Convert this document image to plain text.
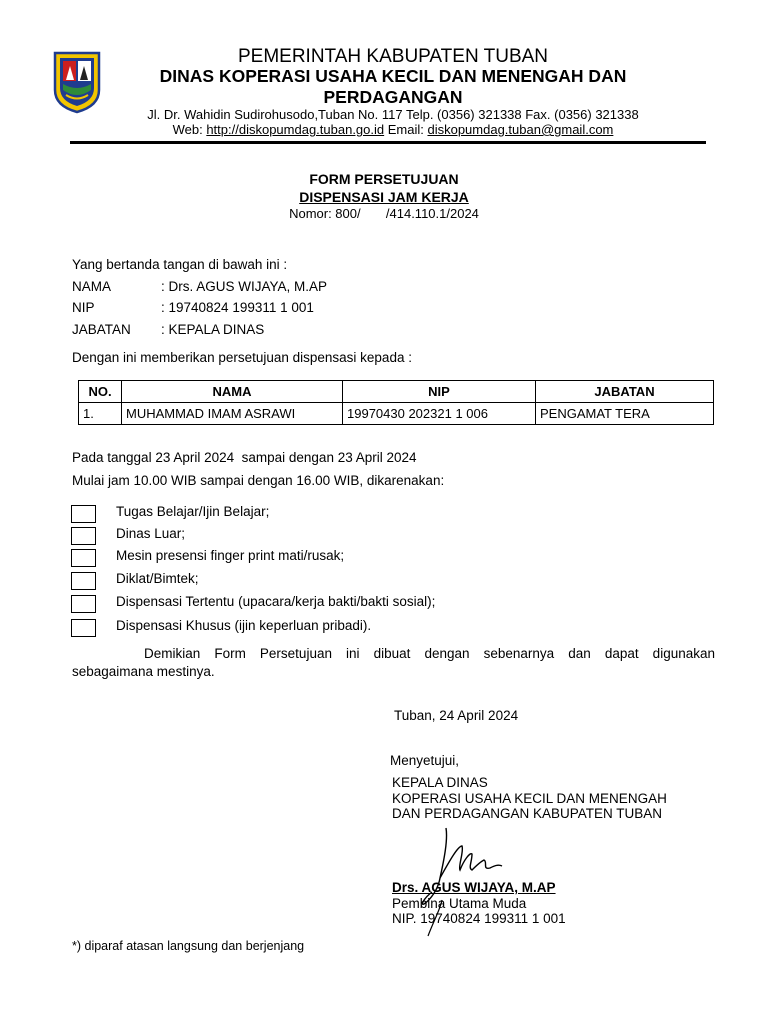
PEMERINTAH KABUPATEN TUBAN
DINAS KOPERASI USAHA KECIL DAN MENENGAH DAN
PERDAGANGAN
Jl. Dr. Wahidin Sudirohusodo,Tuban No. 117 Telp. (0356) 321338 Fax. (0356) 321338
Web: http://diskopumdag.tuban.go.id Email: diskopumdag.tuban@gmail.com
FORM PERSETUJUAN
DISPENSASI JAM KERJA
Nomor: 800/       /414.110.1/2024
Yang bertanda tangan di bawah ini :
NAMA	: Drs. AGUS WIJAYA, M.AP
NIP	: 19740824 199311 1 001
JABATAN : KEPALA DINAS
Dengan ini memberikan persetujuan dispensasi kepada :
NO.	NAMA	NIP	JABATAN
1.	MUHAMMAD IMAM ASRAWI	19970430 202321 1 006	PENGAMAT TERA
Pada tanggal 23 April 2024  sampai dengan 23 April 2024
Mulai jam 10.00 WIB sampai dengan 16.00 WIB, dikarenakan:
Tugas Belajar/Ijin Belajar;
Dinas Luar;
Mesin presensi finger print mati/rusak;
Diklat/Bimtek;
Dispensasi Tertentu (upacara/kerja bakti/bakti sosial);
Dispensasi Khusus (ijin keperluan pribadi).
Demikian Form Persetujuan ini dibuat dengan sebenarnya dan dapat digunakan
sebagaimana mestinya.
Tuban, 24 April 2024
Menyetujui,
KEPALA DINAS
KOPERASI USAHA KECIL DAN MENENGAH
DAN PERDAGANGAN KABUPATEN TUBAN
Drs. AGUS WIJAYA, M.AP
Pembina Utama Muda
NIP. 19740824 199311 1 001
*) diparaf atasan langsung dan berjenjang
